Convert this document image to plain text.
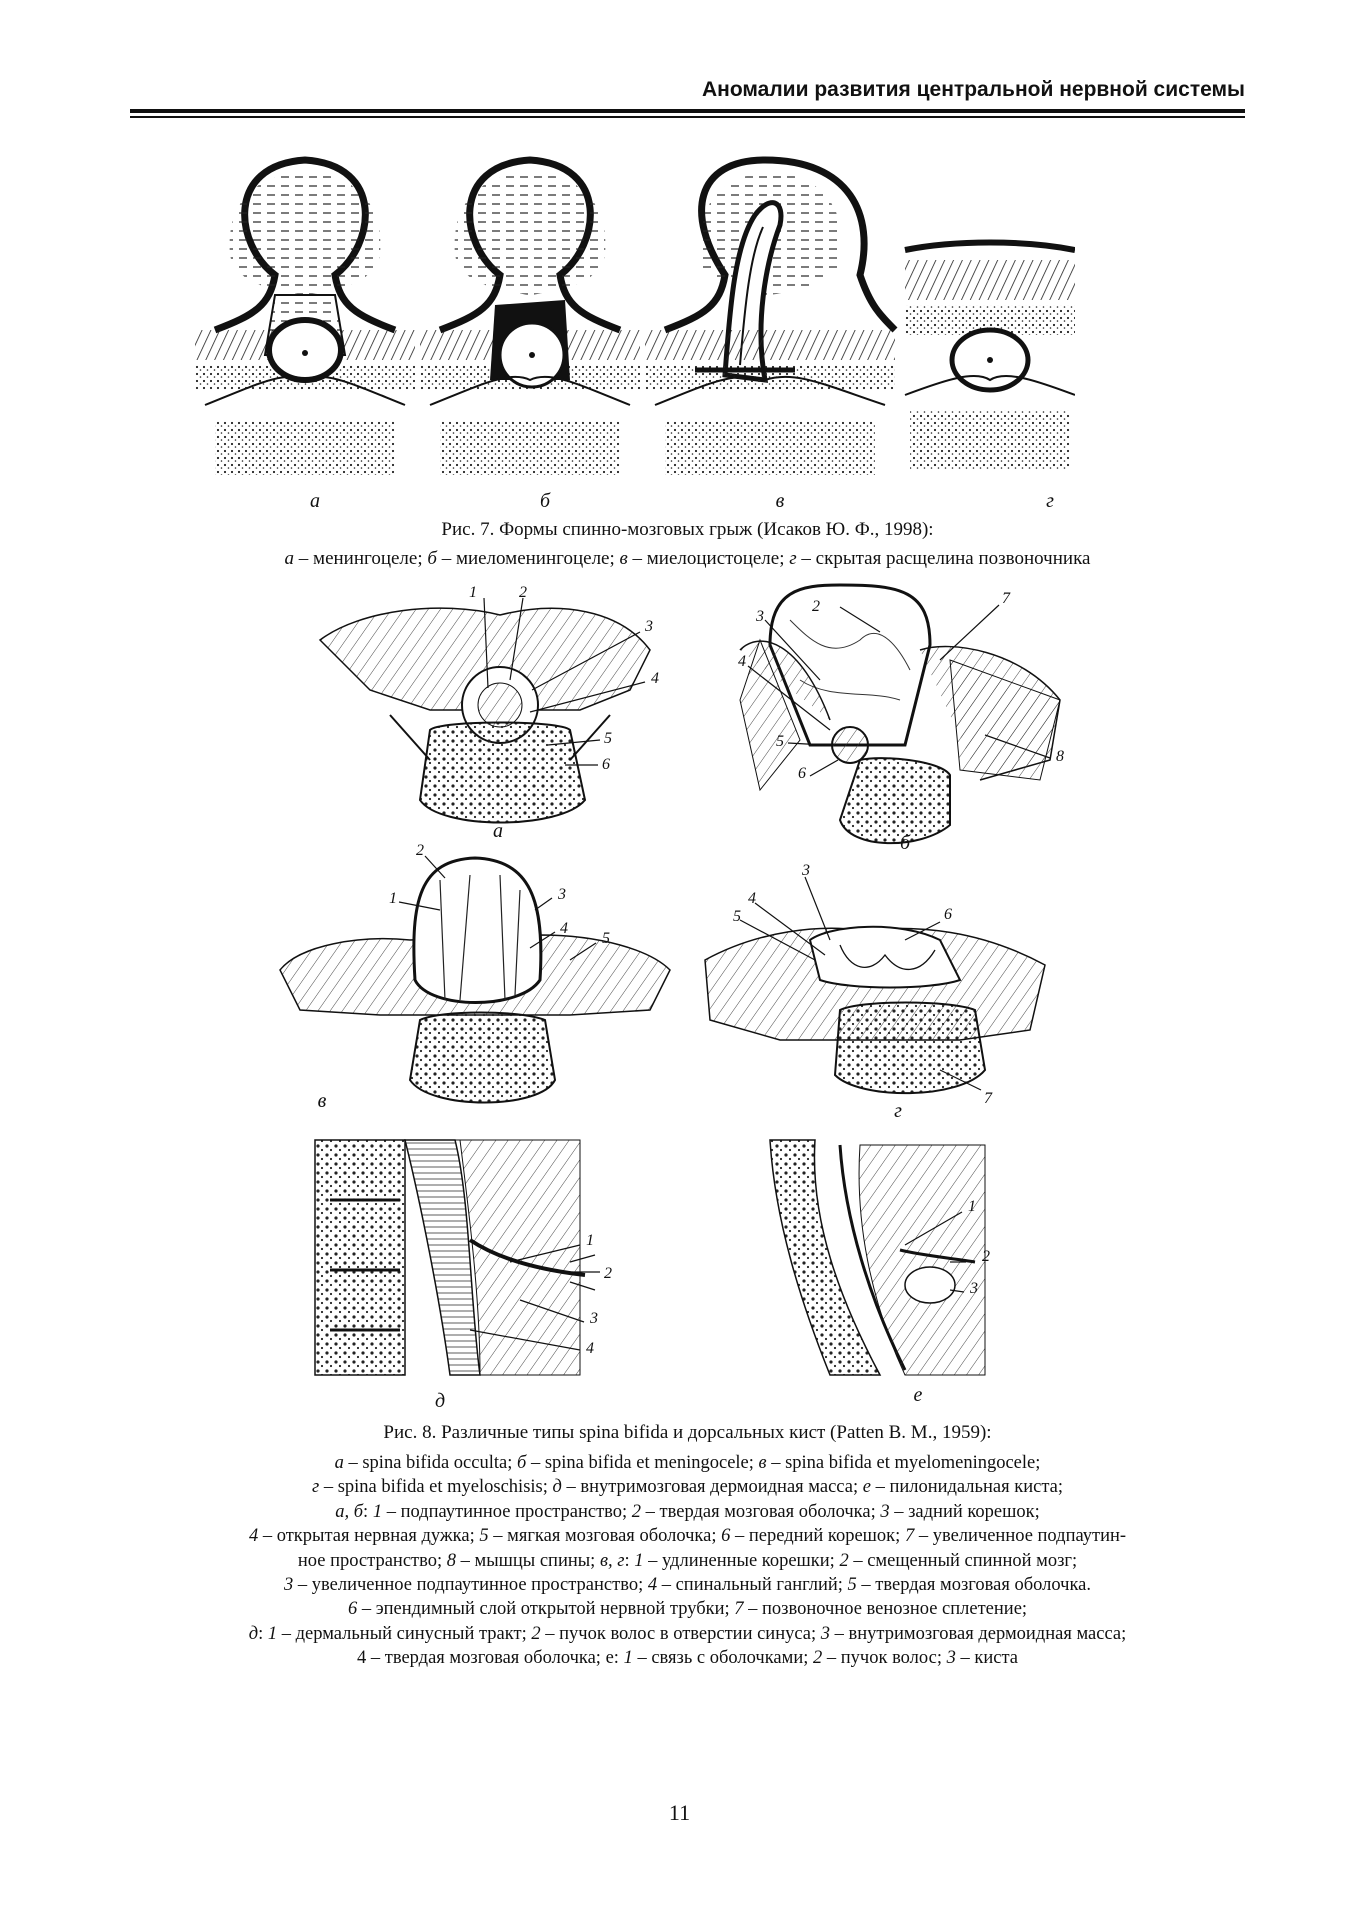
Аномалии развития центральной нервной системы
а	б	в	г
Рис. 7. Формы спинно-мозговых грыж (Исаков Ю. Ф., 1998):
а – менингоцеле; б – миеломенингоцеле; в – миелоцистоцеле; г – скрытая расщелина позвоночника
1	2
3
4
5
6
2	7
3
4
5
6
8
2
1	3
4
5
3
4
5	6
7
1
2
3
4
1
2
3
а
б
в	г
д	е
Рис. 8. Различные типы spina bifida и дорсальных кист (Patten B. M., 1959):
а – spina bifida occulta; б – spina bifida et meningocele; в – spina bifida et myelomeningocele;
г – spina bifida et myeloschisis; д – внутримозговая дермоидная масса; е – пилонидальная киста;
а, б: 1 – подпаутинное пространство; 2 – твердая мозговая оболочка; 3 – задний корешок;
4 – открытая нервная дужка; 5 – мягкая мозговая оболочка; 6 – передний корешок; 7 – увеличенное подпаутин-
ное пространство; 8 – мышцы спины; в, г: 1 – удлиненные корешки; 2 – смещенный спинной мозг;
3 – увеличенное подпаутинное пространство; 4 – спинальный ганглий; 5 – твердая мозговая оболочка.
6 – эпендимный слой открытой нервной трубки; 7 – позвоночное венозное сплетение;
д: 1 – дермальный синусный тракт; 2 – пучок волос в отверстии синуса; 3 – внутримозговая дермоидная масса;
4 – твердая мозговая оболочка; е: 1 – связь с оболочками; 2 – пучок волос; 3 – киста
11
